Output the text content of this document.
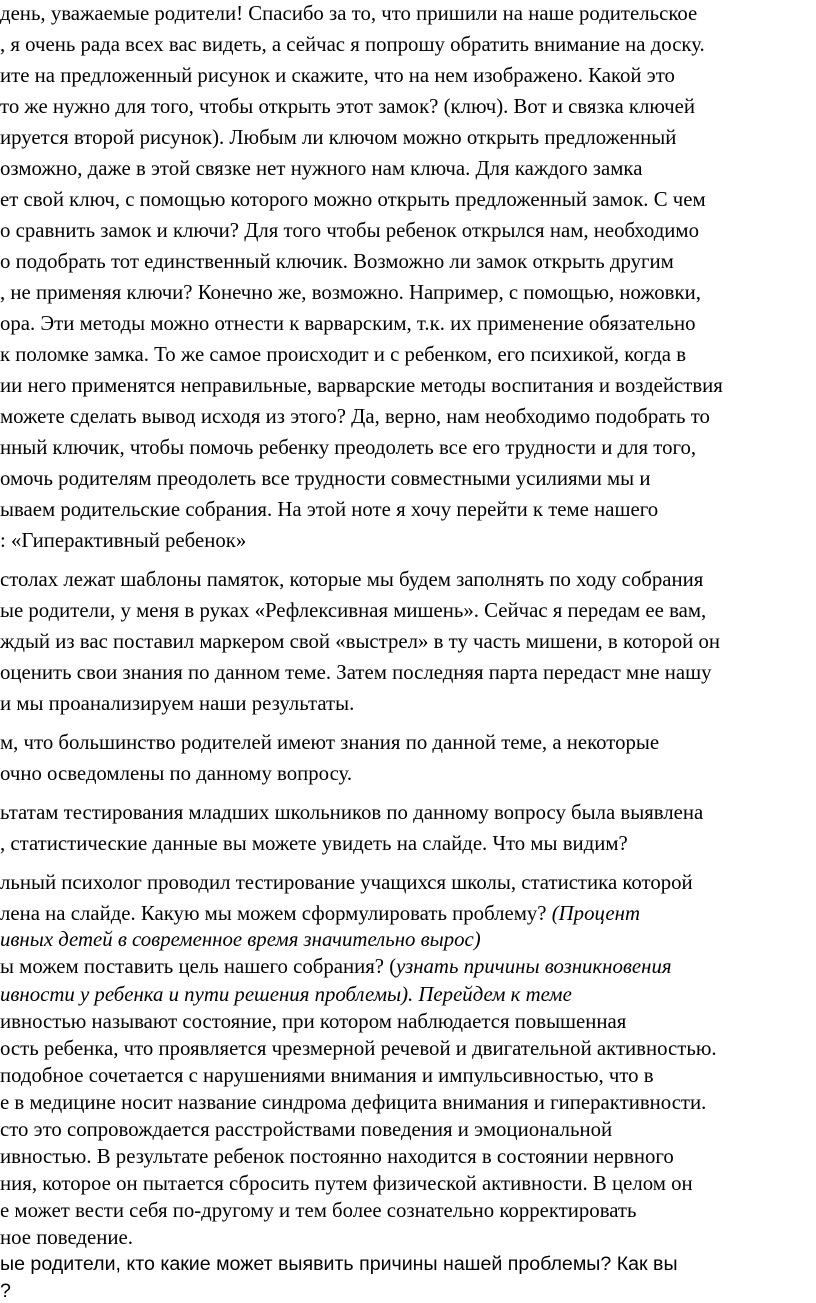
день, уважаемые родители! Спасибо за то, что пришили на наше родительское
, я очень рада всех вас видеть, а сейчас я попрошу обратить внимание на доску.
ите на предложенный рисунок и скажите, что на нем изображено. Какой это
то же нужно для того, чтобы открыть этот замок? (ключ). Вот и связка ключей
ируется второй рисунок). Любым ли ключом можно открыть предложенный
озможно, даже в этой связке нет нужного нам ключа. Для каждого замка
ет свой ключ, с помощью которого можно открыть предложенный замок. С чем
о сравнить замок и ключи? Для того чтобы ребенок открылся нам, необходимо
о подобрать тот единственный ключик. Возможно ли замок открыть другим
, не применяя ключи? Конечно же, возможно. Например, с помощью, ножовки,
ора. Эти методы можно отнести к варварским, т.к. их применение обязательно
к поломке замка. То же самое происходит и с ребенком, его психикой, когда в
ии него применятся неправильные, варварские методы воспитания и воздействия
можете сделать вывод исходя из этого? Да, верно, нам необходимо подобрать то
нный ключик, чтобы помочь ребенку преодолеть все его трудности и для того,
омочь родителям преодолеть все трудности совместными усилиями мы и
ываем родительские собрания. На этой ноте я хочу перейти к теме нашего
: «Гиперактивный ребенок»
столах лежат шаблоны памяток, которые мы будем заполнять по ходу собрания
ые родители, у меня в руках «Рефлексивная мишень». Сейчас я передам ее вам,
ждый из вас поставил маркером свой «выстрел» в ту часть мишени, в которой он
оценить свои знания по данном теме. Затем последняя парта передаст мне нашу
и мы проанализируем наши результаты.
м, что большинство родителей имеют знания по данной теме, а некоторые
очно осведомлены по данному вопросу.
ьтатам тестирования младших школьников по данному вопросу была выявлена
, статистические данные вы можете увидеть на слайде. Что мы видим?
льный психолог проводил тестирование учащихся школы, статистика которой
лена на слайде. Какую мы можем сформулировать проблему? (Процент
ивных детей в современное время значительно вырос)
ы можем поставить цель нашего собрания? (узнать причины возникновения
ивности у ребенка и пути решения проблемы). Перейдем к теме
ивностью называют состояние, при котором наблюдается повышенная
ость ребенка, что проявляется чрезмерной речевой и двигательной активностью.
подобное сочетается с нарушениями внимания и импульсивностью, что в
е в медицине носит название синдрома дефицита внимания и гиперактивности.
сто это сопровождается расстройствами поведения и эмоциональной
ивностью. В результате ребенок постоянно находится в состоянии нервного
ния, которое он пытается сбросить путем физической активности. В целом он
е может вести себя по-другому и тем более сознательно корректировать
ное поведение.
ые родители, кто какие может выявить причины нашей проблемы? Как вы
?
